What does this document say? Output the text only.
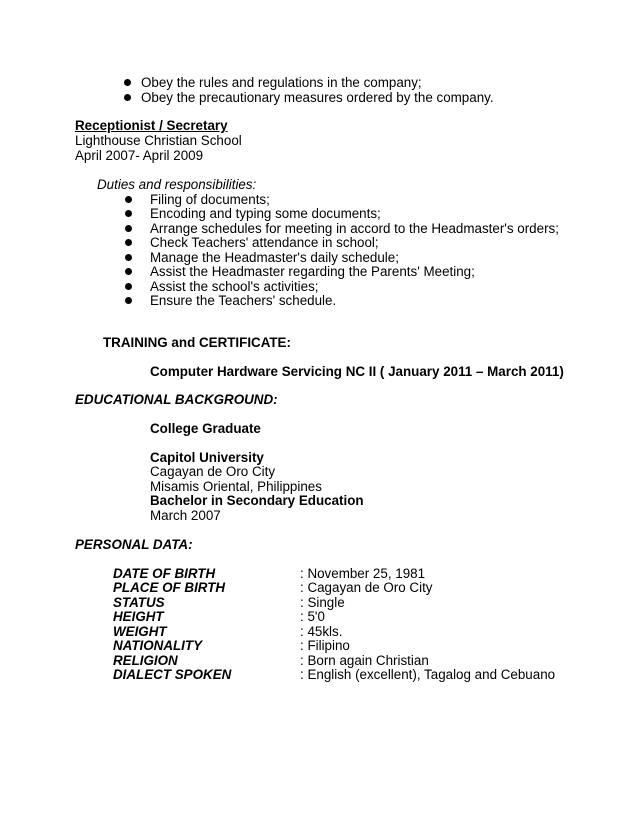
Obey the rules and regulations in the company;
Obey the precautionary measures ordered by the company.
Receptionist / Secretary
Lighthouse Christian School
April 2007- April 2009
Duties and responsibilities:
Filing of documents;
Encoding and typing some documents;
Arrange schedules for meeting in accord to the Headmaster's orders;
Check Teachers' attendance in school;
Manage the Headmaster's daily schedule;
Assist the Headmaster regarding the Parents' Meeting;
Assist the school's activities;
Ensure the Teachers' schedule.
TRAINING and CERTIFICATE:
Computer Hardware Servicing NC II ( January 2011 – March 2011)
EDUCATIONAL BACKGROUND:
College Graduate
Capitol University
Cagayan de Oro City
Misamis Oriental, Philippines
Bachelor in Secondary Education
March 2007
PERSONAL DATA:
DATE OF BIRTH	: November 25, 1981
PLACE OF BIRTH	: Cagayan de Oro City
STATUS	: Single
HEIGHT	: 5'0
WEIGHT	: 45kls.
NATIONALITY	: Filipino
RELIGION	: Born again Christian
DIALECT SPOKEN	: English (excellent), Tagalog and Cebuano
